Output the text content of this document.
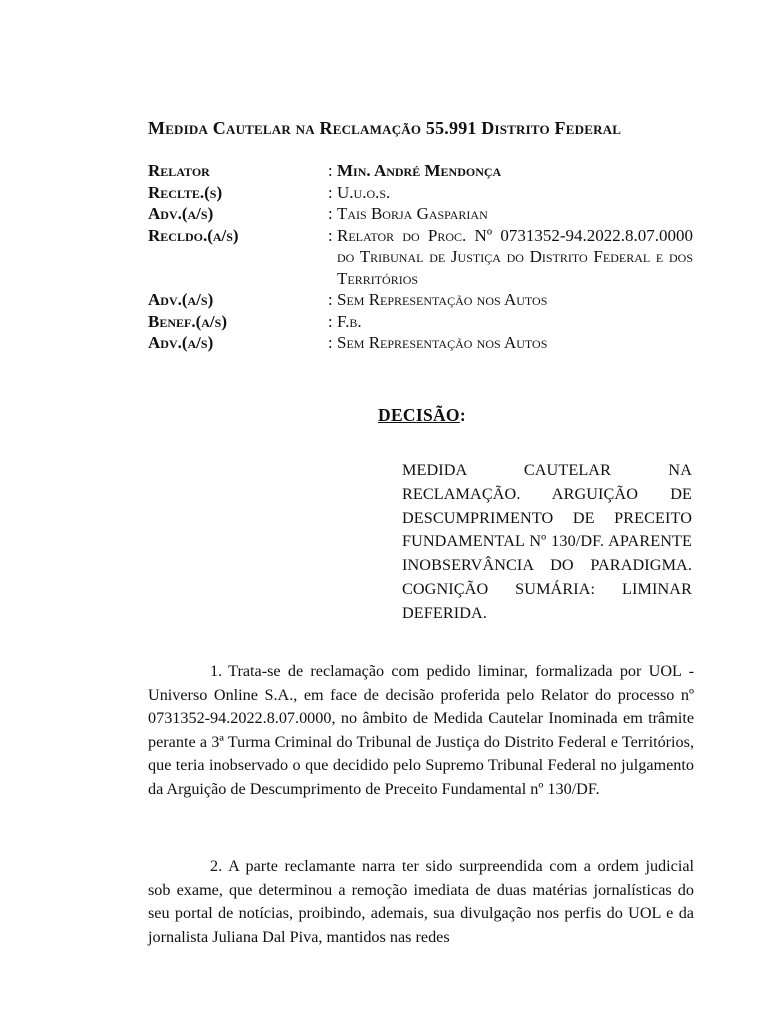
Medida Cautelar na Reclamação 55.991 Distrito Federal
Relator	: Min. André Mendonça
Reclte.(s)	: U.u.o.s.
Adv.(a/s)	: Tais Borja Gasparian
Recldo.(a/s)	: Relator do Proc. Nº 0731352-94.2022.8.07.0000 do Tribunal de Justiça do Distrito Federal e dos Territórios
Adv.(a/s)	: Sem Representação nos Autos
Benef.(a/s)	: F.b.
Adv.(a/s)	: Sem Representação nos Autos
DECISÃO:
MEDIDA CAUTELAR NA RECLAMAÇÃO. ARGUIÇÃO DE DESCUMPRIMENTO DE PRECEITO FUNDAMENTAL Nº 130/DF. APARENTE INOBSERVÂNCIA DO PARADIGMA. COGNIÇÃO SUMÁRIA: LIMINAR DEFERIDA.
1. Trata-se de reclamação com pedido liminar, formalizada por UOL - Universo Online S.A., em face de decisão proferida pelo Relator do processo nº 0731352-94.2022.8.07.0000, no âmbito de Medida Cautelar Inominada em trâmite perante a 3ª Turma Criminal do Tribunal de Justiça do Distrito Federal e Territórios, que teria inobservado o que decidido pelo Supremo Tribunal Federal no julgamento da Arguição de Descumprimento de Preceito Fundamental nº 130/DF.
2. A parte reclamante narra ter sido surpreendida com a ordem judicial sob exame, que determinou a remoção imediata de duas matérias jornalísticas do seu portal de notícias, proibindo, ademais, sua divulgação nos perfis do UOL e da jornalista Juliana Dal Piva, mantidos nas redes
